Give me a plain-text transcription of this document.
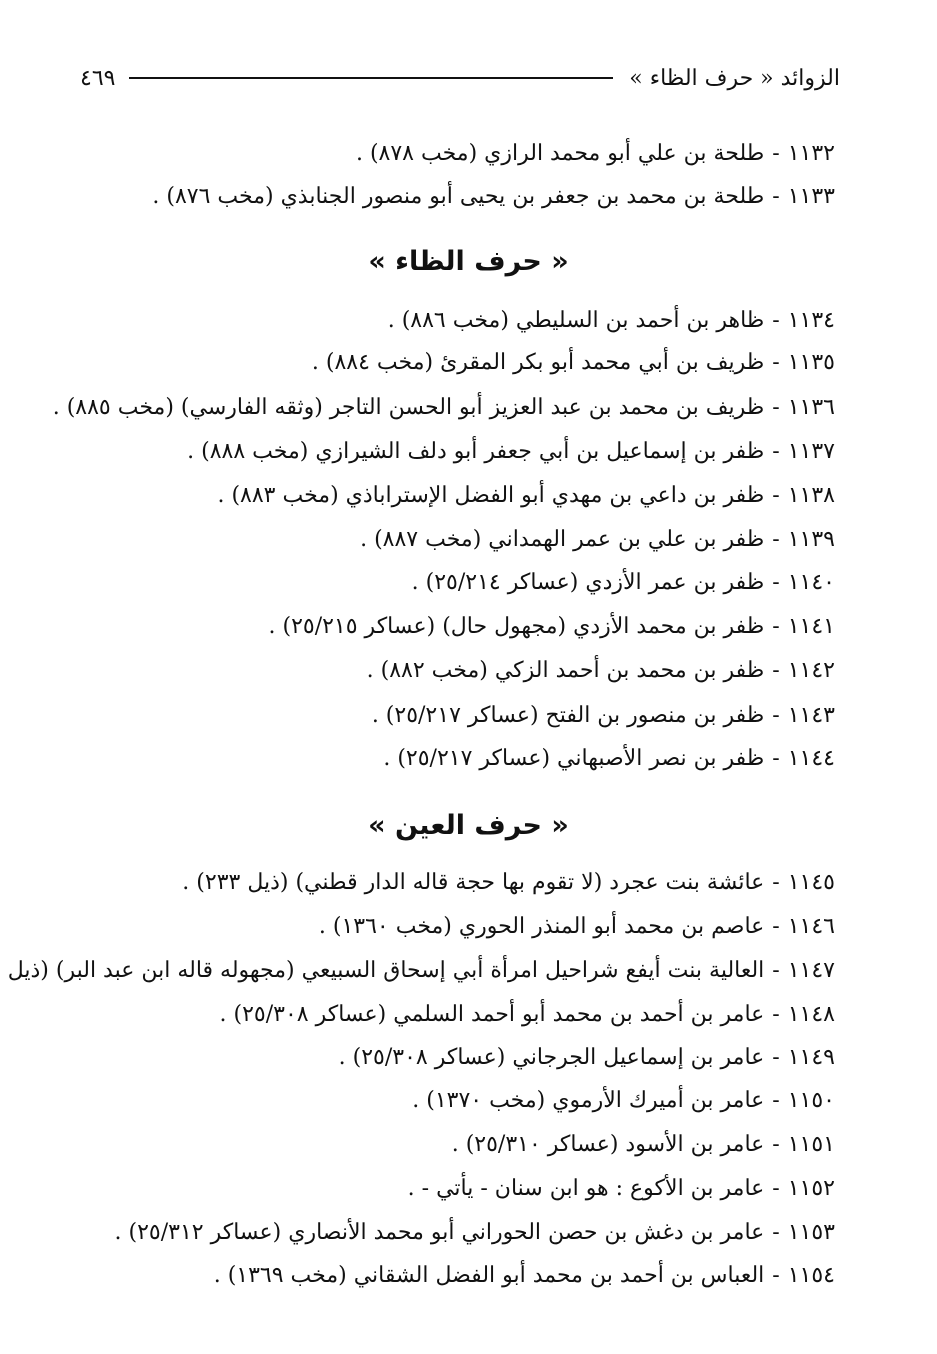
الزوائد « حرف الظاء »
٤٦٩
١١٣٢-طلحة بن علي أبو محمد الرازي (مخب ٨٧٨) .
١١٣٣-طلحة بن محمد بن جعفر بن يحيى أبو منصور الجنابذي (مخب ٨٧٦) .
« حرف الظاء »
١١٣٤-ظاهر بن أحمد بن السليطي (مخب ٨٨٦) .
١١٣٥-ظريف بن أبي محمد أبو بكر المقرئ (مخب ٨٨٤) .
١١٣٦-ظريف بن محمد بن عبد العزيز أبو الحسن التاجر (وثقه الفارسي) (مخب ٨٨٥) .
١١٣٧-ظفر بن إسماعيل بن أبي جعفر أبو دلف الشيرازي (مخب ٨٨٨) .
١١٣٨-ظفر بن داعي بن مهدي أبو الفضل الإستراباذي (مخب ٨٨٣) .
١١٣٩-ظفر بن علي بن عمر الهمداني (مخب ٨٨٧) .
١١٤٠-ظفر بن عمر الأزدي (عساكر ٢٥/٢١٤) .
١١٤١-ظفر بن محمد الأزدي (مجهول حال) (عساكر ٢٥/٢١٥) .
١١٤٢-ظفر بن محمد بن أحمد الزكي (مخب ٨٨٢) .
١١٤٣-ظفر بن منصور بن الفتح (عساكر ٢٥/٢١٧) .
١١٤٤-ظفر بن نصر الأصبهاني (عساكر ٢٥/٢١٧) .
« حرف العين »
١١٤٥-عائشة بنت عجرد (لا تقوم بها حجة قاله الدار قطني) (ذيل ٢٣٣) .
١١٤٦-عاصم بن محمد أبو المنذر الحوري (مخب ١٣٦٠) .
١١٤٧-العالية بنت أيفع شراحيل امرأة أبي إسحاق السبيعي (مجهوله قاله ابن عبد البر) (ذيل
١١٤٨-عامر بن أحمد بن محمد أبو أحمد السلمي (عساكر ٢٥/٣٠٨) .
١١٤٩-عامر بن إسماعيل الجرجاني (عساكر ٢٥/٣٠٨) .
١١٥٠-عامر بن أميرك الأرموي (مخب ١٣٧٠) .
١١٥١-عامر بن الأسود (عساكر ٢٥/٣١٠) .
١١٥٢-عامر بن الأكوع : هو ابن سنان - يأتي - .
١١٥٣-عامر بن دغش بن حصن الحوراني أبو محمد الأنصاري (عساكر ٢٥/٣١٢) .
١١٥٤-العباس بن أحمد بن محمد أبو الفضل الشقاني (مخب ١٣٦٩) .
